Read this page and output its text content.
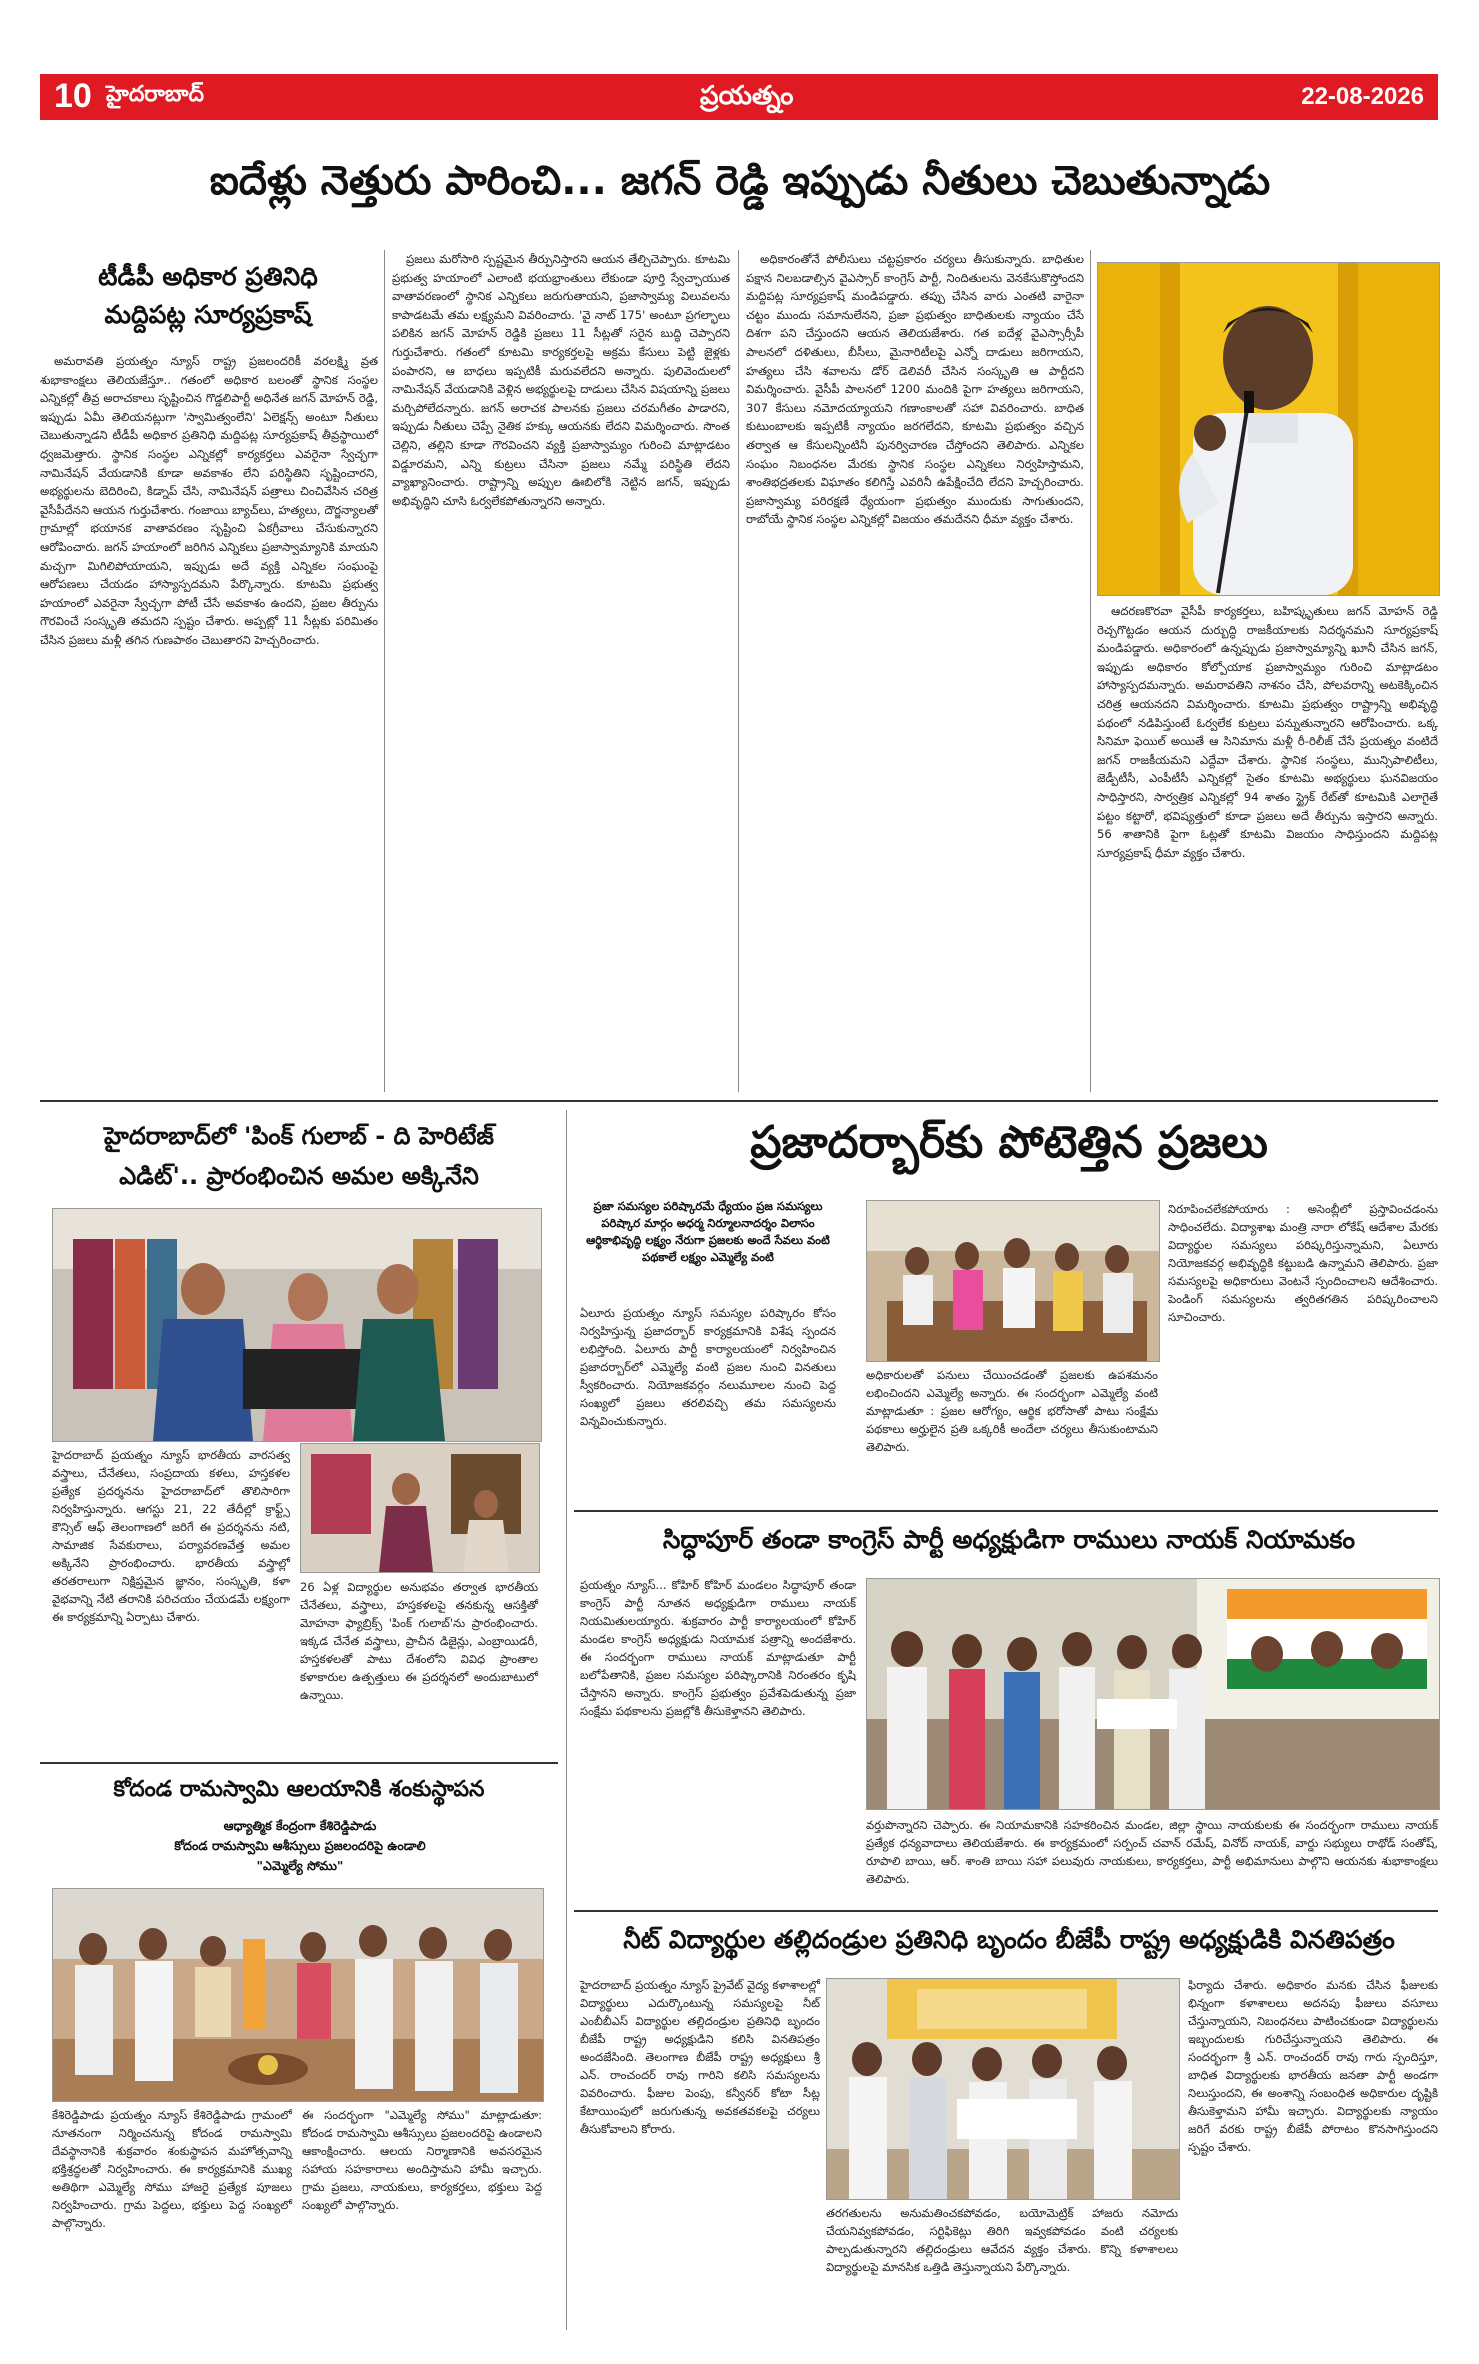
10 హైదరాబాద్	ప్రయత్నం	22-08-2026
ఐదేళ్లు నెత్తురు పారించి... జగన్ రెడ్డి ఇప్పుడు నీతులు చెబుతున్నాడు
టీడీపీ అధికార ప్రతినిధి
మద్దిపట్ల సూర్యప్రకాష్

అమరావతి ప్రయత్నం న్యూస్ రాష్ట్ర ప్రజలందరికీ వరలక్ష్మి వ్రత శుభాకాంక్షలు తెలియజేస్తూ.. గతంలో అధికార బలంతో స్థానిక సంస్థల ఎన్నికల్లో తీవ్ర అరాచకాలు సృష్టించిన గొడ్డలిపార్టీ అధినేత జగన్ మోహన్ రెడ్డి, ఇప్పుడు ఏమీ తెలియనట్లుగా 'స్వామిత్వంలేని' ఏలెక్షన్స్ అంటూ నీతులు చెబుతున్నాడని టీడీపీ అధికార ప్రతినిధి మద్దిపట్ల సూర్యప్రకాష్ తీవ్రస్థాయిలో ధ్వజమెత్తారు. స్థానిక సంస్థల ఎన్నికల్లో కార్యకర్తలు ఎవరైనా స్వేచ్ఛగా నామినేషన్ వేయడానికి కూడా అవకాశం లేని పరిస్థితిని సృష్టించారని, అభ్యర్థులను బెదిరించి, కిడ్నాప్ చేసి, నామినేషన్ పత్రాలు చించివేసిన చరిత్ర వైసీపీదేనని ఆయన గుర్తుచేశారు. గంజాయి బ్యాచ్‌లు, హత్యలు, దౌర్జన్యాలతో గ్రామాల్లో భయానక వాతావరణం సృష్టించి ఏకగ్రీవాలు చేసుకున్నారని ఆరోపించారు. జగన్ హయాంలో జరిగిన ఎన్నికలు ప్రజాస్వామ్యానికి మాయని మచ్చగా మిగిలిపోయాయని, ఇప్పుడు అదే వ్యక్తి ఎన్నికల సంఘంపై ఆరోపణలు చేయడం హాస్యాస్పదమని పేర్కొన్నారు. కూటమి ప్రభుత్వ హయాంలో ఎవరైనా స్వేచ్ఛగా పోటీ చేసే అవకాశం ఉందని, ప్రజల తీర్పును గౌరవించే సంస్కృతి తమదని స్పష్టం చేశారు. అప్పట్లో 11 సీట్లకు పరిమితం చేసిన ప్రజలు మళ్లీ తగిన గుణపాఠం చెబుతారని హెచ్చరించారు.

ప్రజలు మరోసారి స్పష్టమైన తీర్పునిస్తారని ఆయన తేల్చిచెప్పారు. కూటమి ప్రభుత్వ హయాంలో ఎలాంటి భయభ్రాంతులు లేకుండా పూర్తి స్వేచ్ఛాయుత వాతావరణంలో స్థానిక ఎన్నికలు జరుగుతాయని, ప్రజాస్వామ్య విలువలను కాపాడటమే తమ లక్ష్యమని వివరించారు. 'వై నాట్ 175' అంటూ ప్రగల్భాలు పలికిన జగన్ మోహన్ రెడ్డికి ప్రజలు 11 సీట్లతో సరైన బుద్ధి చెప్పారని గుర్తుచేశారు. గతంలో కూటమి కార్యకర్తలపై అక్రమ కేసులు పెట్టి జైళ్లకు పంపారని, ఆ బాధలు ఇప్పటికీ మరువలేదని అన్నారు. పులివెందులలో నామినేషన్ వేయడానికి వెళ్లిన అభ్యర్థులపై దాడులు చేసిన విషయాన్ని ప్రజలు మర్చిపోలేదన్నారు. జగన్ అరాచక పాలనకు ప్రజలు చరమగీతం పాడారని, ఇప్పుడు నీతులు చెప్పే నైతిక హక్కు ఆయనకు లేదని విమర్శించారు. సొంత చెల్లిని, తల్లిని కూడా గౌరవించని వ్యక్తి ప్రజాస్వామ్యం గురించి మాట్లాడటం విడ్డూరమని, ఎన్ని కుట్రలు చేసినా ప్రజలు నమ్మే పరిస్థితి లేదని వ్యాఖ్యానించారు. రాష్ట్రాన్ని అప్పుల ఊబిలోకి నెట్టిన జగన్, ఇప్పుడు అభివృద్ధిని చూసి ఓర్వలేకపోతున్నారని అన్నారు.

అధికారంతోనే పోలీసులు చట్టప్రకారం చర్యలు తీసుకున్నారు. బాధితుల పక్షాన నిలబడాల్సిన వైఎస్సార్ కాంగ్రెస్ పార్టీ, నిందితులను వెనకేసుకొస్తోందని మద్దిపట్ల సూర్యప్రకాష్ మండిపడ్డారు. తప్పు చేసిన వారు ఎంతటి వారైనా చట్టం ముందు సమానులేనని, ప్రజా ప్రభుత్వం బాధితులకు న్యాయం చేసే దిశగా పని చేస్తుందని ఆయన తెలియజేశారు. గత ఐదేళ్ల వైఎస్సార్సీపీ పాలనలో దళితులు, బీసీలు, మైనారిటీలపై ఎన్నో దాడులు జరిగాయని, హత్యలు చేసి శవాలను డోర్ డెలివరీ చేసిన సంస్కృతి ఆ పార్టీదని విమర్శించారు. వైసీపీ పాలనలో 1200 మందికి పైగా హత్యలు జరిగాయని, 307 కేసులు నమోదయ్యాయని గణాంకాలతో సహా వివరించారు. బాధిత కుటుంబాలకు ఇప్పటికీ న్యాయం జరగలేదని, కూటమి ప్రభుత్వం వచ్చిన తర్వాత ఆ కేసులన్నింటినీ పునర్విచారణ చేస్తోందని తెలిపారు. ఎన్నికల సంఘం నిబంధనల మేరకు స్థానిక సంస్థల ఎన్నికలు నిర్వహిస్తామని, శాంతిభద్రతలకు విఘాతం కలిగిస్తే ఎవరినీ ఉపేక్షించేది లేదని హెచ్చరించారు. ప్రజాస్వామ్య పరిరక్షణే ధ్యేయంగా ప్రభుత్వం ముందుకు సాగుతుందని, రాబోయే స్థానిక సంస్థల ఎన్నికల్లో విజయం తమదేనని ధీమా వ్యక్తం చేశారు.

ఆదరణకొరవా వైసీపీ కార్యకర్తలు, బహిష్కృతులు జగన్ మోహన్ రెడ్డి రెచ్చగొట్టడం ఆయన దుర్బుద్ధి రాజకీయాలకు నిదర్శనమని సూర్యప్రకాష్ మండిపడ్డారు. అధికారంలో ఉన్నప్పుడు ప్రజాస్వామ్యాన్ని ఖూనీ చేసిన జగన్, ఇప్పుడు అధికారం కోల్పోయాక ప్రజాస్వామ్యం గురించి మాట్లాడటం హాస్యాస్పదమన్నారు. అమరావతిని నాశనం చేసి, పోలవరాన్ని అటకెక్కించిన చరిత్ర ఆయనదని విమర్శించారు. కూటమి ప్రభుత్వం రాష్ట్రాన్ని అభివృద్ధి పథంలో నడిపిస్తుంటే ఓర్వలేక కుట్రలు పన్నుతున్నారని ఆరోపించారు. ఒక్క సినిమా ఫెయిల్ అయితే ఆ సినిమాను మళ్లీ రీ-రిలీజ్ చేసే ప్రయత్నం వంటిదే జగన్ రాజకీయమని ఎద్దేవా చేశారు. స్థానిక సంస్థలు, మున్సిపాలిటీలు, జెడ్పీటీసీ, ఎంపీటీసీ ఎన్నికల్లో సైతం కూటమి అభ్యర్థులు ఘనవిజయం సాధిస్తారని, సార్వత్రిక ఎన్నికల్లో 94 శాతం స్ట్రైక్ రేట్‌తో కూటమికి ఎలాగైతే పట్టం కట్టారో, భవిష్యత్తులో కూడా ప్రజలు అదే తీర్పును ఇస్తారని అన్నారు. 56 శాతానికి పైగా ఓట్లతో కూటమి విజయం సాధిస్తుందని మద్దిపట్ల సూర్యప్రకాష్ ధీమా వ్యక్తం చేశారు.

హైదరాబాద్‌లో 'పింక్ గులాబ్ - ది హెరిటేజ్
ఎడిట్'.. ప్రారంభించిన అమల అక్కినేని
హైదరాబాద్ ప్రయత్నం న్యూస్ భారతీయ వారసత్వ వస్త్రాలు, చేనేతలు, సంప్రదాయ కళలు, హస్తకళల ప్రత్యేక ప్రదర్శనను హైదరాబాద్‌లో తొలిసారిగా నిర్వహిస్తున్నారు. ఆగస్టు 21, 22 తేదీల్లో క్రాఫ్ట్స్ కౌన్సిల్ ఆఫ్ తెలంగాణలో జరిగే ఈ ప్రదర్శనను నటి, సామాజిక సేవకురాలు, పర్యావరణవేత్త అమల అక్కినేని ప్రారంభించారు. భారతీయ వస్త్రాల్లో తరతరాలుగా నిక్షిప్తమైన జ్ఞానం, సంస్కృతి, కళా వైభవాన్ని నేటి తరానికి పరిచయం చేయడమే లక్ష్యంగా ఈ కార్యక్రమాన్ని ఏర్పాటు చేశారు.
26 ఏళ్ల విద్యార్థుల అనుభవం తర్వాత భారతీయ చేనేతలు, వస్త్రాలు, హస్తకళలపై తనకున్న ఆసక్తితో మోహనా ఫ్యాబ్రిక్స్ 'పింక్ గులాబ్'ను ప్రారంభించారు. ఇక్కడ చేనేత వస్త్రాలు, ప్రాచీన డిజైన్లు, ఎంబ్రాయిడరీ, హస్తకళలతో పాటు దేశంలోని వివిధ ప్రాంతాల కళాకారుల ఉత్పత్తులు ఈ ప్రదర్శనలో అందుబాటులో ఉన్నాయి.
కోదండ రామస్వామి ఆలయానికి శంకుస్థాపన
ఆధ్యాత్మిక కేంద్రంగా కేశిరెడ్డిపాడు
కోదండ రామస్వామి ఆశీస్సులు ప్రజలందరిపై ఉండాలి
"ఎమ్మెల్యే సోము"
కేశిరెడ్డిపాడు ప్రయత్నం న్యూస్ కేశిరెడ్డిపాడు గ్రామంలో నూతనంగా నిర్మించనున్న కోదండ రామస్వామి దేవస్థానానికి శుక్రవారం శంకుస్థాపన మహోత్సవాన్ని భక్తిశ్రద్ధలతో నిర్వహించారు. ఈ కార్యక్రమానికి ముఖ్య అతిథిగా ఎమ్మెల్యే సోము హాజరై ప్రత్యేక పూజలు నిర్వహించారు. గ్రామ పెద్దలు, భక్తులు పెద్ద సంఖ్యలో పాల్గొన్నారు.
ఈ సందర్భంగా "ఎమ్మెల్యే సోము" మాట్లాడుతూ: కోదండ రామస్వామి ఆశీస్సులు ప్రజలందరిపై ఉండాలని ఆకాంక్షించారు. ఆలయ నిర్మాణానికి అవసరమైన సహాయ సహకారాలు అందిస్తామని హామీ ఇచ్చారు. గ్రామ ప్రజలు, నాయకులు, కార్యకర్తలు, భక్తులు పెద్ద సంఖ్యలో పాల్గొన్నారు.
ప్రజాదర్బార్‌కు పోటెత్తిన ప్రజలు
ప్రజా సమస్యల పరిష్కారమే ధ్యేయం ప్రజ సమస్యలు పరిష్కార మార్గం అధర్మ నిర్మూలనాదర్శం విలాసం ఆర్థికాభివృద్ధి లక్ష్యం నేరుగా ప్రజలకు అందే సేవలు వంటి పథకాలే లక్ష్యం ఎమ్మెల్యే వంటి
ఏలూరు ప్రయత్నం న్యూస్ సమస్యల పరిష్కారం కోసం నిర్వహిస్తున్న ప్రజాదర్బార్ కార్యక్రమానికి విశేష స్పందన లభిస్తోంది. ఏలూరు పార్టీ కార్యాలయంలో నిర్వహించిన ప్రజాదర్బార్‌లో ఎమ్మెల్యే వంటి ప్రజల నుంచి వినతులు స్వీకరించారు. నియోజకవర్గం నలుమూలల నుంచి పెద్ద సంఖ్యలో ప్రజలు తరలివచ్చి తమ సమస్యలను విన్నవించుకున్నారు.
అధికారులతో పనులు చేయించడంతో ప్రజలకు ఉపశమనం లభించిందని ఎమ్మెల్యే అన్నారు. ఈ సందర్భంగా ఎమ్మెల్యే వంటి మాట్లాడుతూ : ప్రజల ఆరోగ్యం, ఆర్థిక భరోసాతో పాటు సంక్షేమ పథకాలు అర్హులైన ప్రతి ఒక్కరికీ అందేలా చర్యలు తీసుకుంటామని తెలిపారు.
నిరూపించలేకపోయారు : అసెంబ్లీలో ప్రస్తావించడంను సాధించలేదు. విద్యాశాఖ మంత్రి నారా లోకేష్ ఆదేశాల మేరకు విద్యార్థుల సమస్యలు పరిష్కరిస్తున్నామని, ఏలూరు నియోజకవర్గ అభివృద్ధికి కట్టుబడి ఉన్నామని తెలిపారు. ప్రజా సమస్యలపై అధికారులు వెంటనే స్పందించాలని ఆదేశించారు. పెండింగ్ సమస్యలను త్వరితగతిన పరిష్కరించాలని సూచించారు.
సిద్ధాపూర్ తండా కాంగ్రెస్ పార్టీ అధ్యక్షుడిగా రాములు నాయక్ నియామకం
ప్రయత్నం న్యూస్... కోహిర్ కోహిర్ మండలం సిద్ధాపూర్ తండా కాంగ్రెస్ పార్టీ నూతన అధ్యక్షుడిగా రాములు నాయక్ నియమితులయ్యారు. శుక్రవారం పార్టీ కార్యాలయంలో కోహిర్ మండల కాంగ్రెస్ అధ్యక్షుడు నియామక పత్రాన్ని అందజేశారు. ఈ సందర్భంగా రాములు నాయక్ మాట్లాడుతూ పార్టీ బలోపేతానికి, ప్రజల సమస్యల పరిష్కారానికి నిరంతరం కృషి చేస్తానని అన్నారు. కాంగ్రెస్ ప్రభుత్వం ప్రవేశపెడుతున్న ప్రజా సంక్షేమ పథకాలను ప్రజల్లోకి తీసుకెళ్తానని తెలిపారు.
వర్తుపొన్నారని చెప్పారు. ఈ నియామకానికి సహకరించిన మండల, జిల్లా స్థాయి నాయకులకు ఈ సందర్భంగా రాములు నాయక్ ప్రత్యేక ధన్యవాదాలు తెలియజేశారు. ఈ కార్యక్రమంలో సర్పంచ్ చవాన్ రమేష్, వినోద్ నాయక్, వార్డు సభ్యులు రాథోడ్ సంతోష్, రూపాలి బాయి, ఆర్. శాంతి బాయి సహా పలువురు నాయకులు, కార్యకర్తలు, పార్టీ అభిమానులు పాల్గొని ఆయనకు శుభాకాంక్షలు తెలిపారు.
నీట్ విద్యార్థుల తల్లిదండ్రుల ప్రతినిధి బృందం బీజేపీ రాష్ట్ర అధ్యక్షుడికి వినతిపత్రం
హైదరాబాద్ ప్రయత్నం న్యూస్ ప్రైవేట్ వైద్య కళాశాలల్లో విద్యార్థులు ఎదుర్కొంటున్న సమస్యలపై నీట్ ఎంబీబీఎస్ విద్యార్థుల తల్లిదండ్రుల ప్రతినిధి బృందం బీజేపీ రాష్ట్ర అధ్యక్షుడిని కలిసి వినతిపత్రం అందజేసింది. తెలంగాణ బీజేపీ రాష్ట్ర అధ్యక్షులు శ్రీ ఎన్. రాంచందర్ రావు గారిని కలిసి సమస్యలను వివరించారు. ఫీజుల పెంపు, కన్వీనర్ కోటా సీట్ల కేటాయింపులో జరుగుతున్న అవకతవకలపై చర్యలు తీసుకోవాలని కోరారు.
తరగతులను అనుమతించకపోవడం, బయోమెట్రిక్ హాజరు నమోదు చేయనివ్వకపోవడం, సర్టిఫికెట్లు తిరిగి ఇవ్వకపోవడం వంటి చర్యలకు పాల్పడుతున్నారని తల్లిదండ్రులు ఆవేదన వ్యక్తం చేశారు. కొన్ని కళాశాలలు విద్యార్థులపై మానసిక ఒత్తిడి తెస్తున్నాయని పేర్కొన్నారు.
ఫిర్యాదు చేశారు. అధికారం మనకు చేసిన ఫీజులకు భిన్నంగా కళాశాలలు అదనపు ఫీజులు వసూలు చేస్తున్నాయని, నిబంధనలు పాటించకుండా విద్యార్థులను ఇబ్బందులకు గురిచేస్తున్నాయని తెలిపారు. ఈ సందర్భంగా శ్రీ ఎన్. రాంచందర్ రావు గారు స్పందిస్తూ, బాధిత విద్యార్థులకు భారతీయ జనతా పార్టీ అండగా నిలుస్తుందని, ఈ అంశాన్ని సంబంధిత అధికారుల దృష్టికి తీసుకెళ్తామని హామీ ఇచ్చారు. విద్యార్థులకు న్యాయం జరిగే వరకు రాష్ట్ర బీజేపీ పోరాటం కొనసాగిస్తుందని స్పష్టం చేశారు.
